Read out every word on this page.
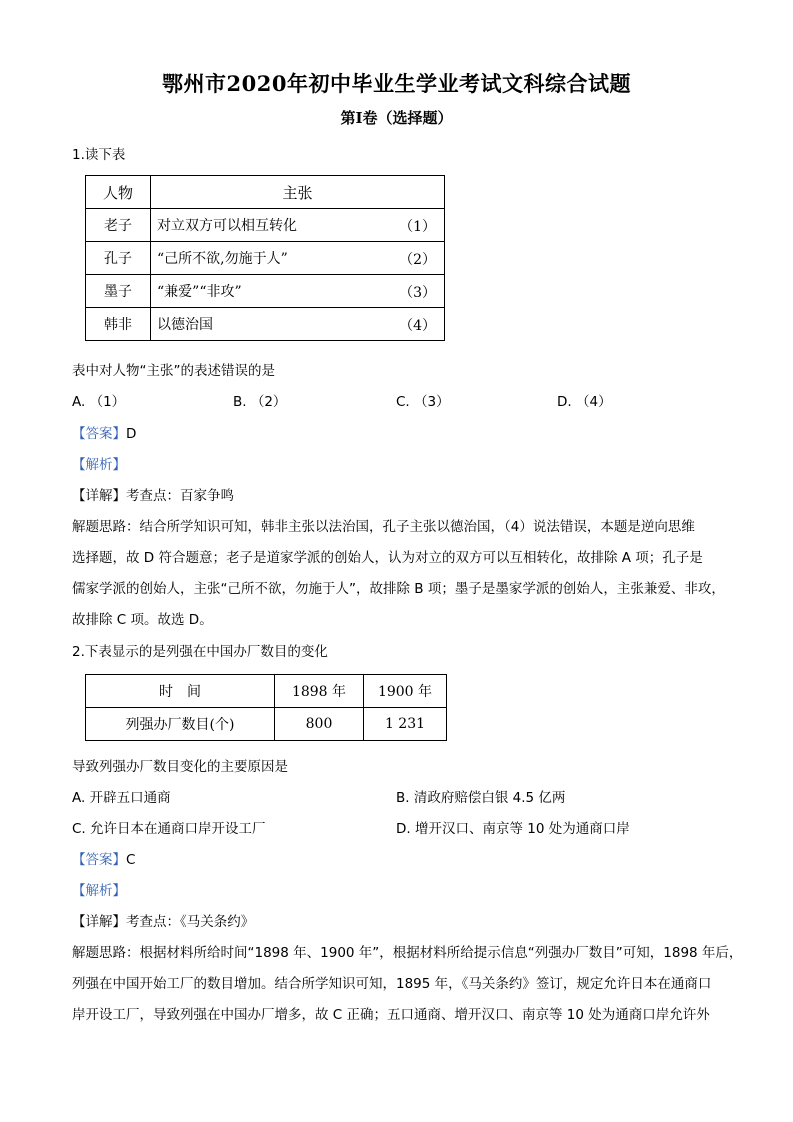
鄂州市2020年初中毕业生学业考试文科综合试题
第Ⅰ卷（选择题）
1.读下表
人物	主张
老子	对立双方可以相互转化 （1）

孔子	“己所不欲,勿施于人” （2）

墨子	“兼爱”“非攻” （3）

韩非	以德治国 （4）
表中对人物“主张”的表述错误的是
A. （1）	B. （2）	C. （3）	D. （4）
【答案】D
【解析】
【详解】考查点：百家争鸣
解题思路：结合所学知识可知，韩非主张以法治国，孔子主张以德治国，（4）说法错误，本题是逆向思维
选择题，故 D 符合题意；老子是道家学派的创始人，认为对立的双方可以互相转化，故排除 A 项；孔子是
儒家学派的创始人，主张“己所不欲，勿施于人”，故排除 B 项；墨子是墨家学派的创始人，主张兼爱、非攻，
故排除 C 项。故选 D。
2.下表显示的是列强在中国办厂数目的变化
时　间	1898 年	1900 年
列强办厂数目(个)	800	1 231
导致列强办厂数目变化的主要原因是
A. 开辟五口通商	B. 清政府赔偿白银 4.5 亿两
C. 允许日本在通商口岸开设工厂	D. 增开汉口、南京等 10 处为通商口岸
【答案】C
【解析】
【详解】考查点：《马关条约》
解题思路：根据材料所给时间“1898 年、1900 年”，根据材料所给提示信息“列强办厂数目”可知，1898 年后，
列强在中国开始工厂的数目增加。结合所学知识可知，1895 年，《马关条约》签订，规定允许日本在通商口
岸开设工厂，导致列强在中国办厂增多，故 C 正确；五口通商、增开汉口、南京等 10 处为通商口岸允许外
